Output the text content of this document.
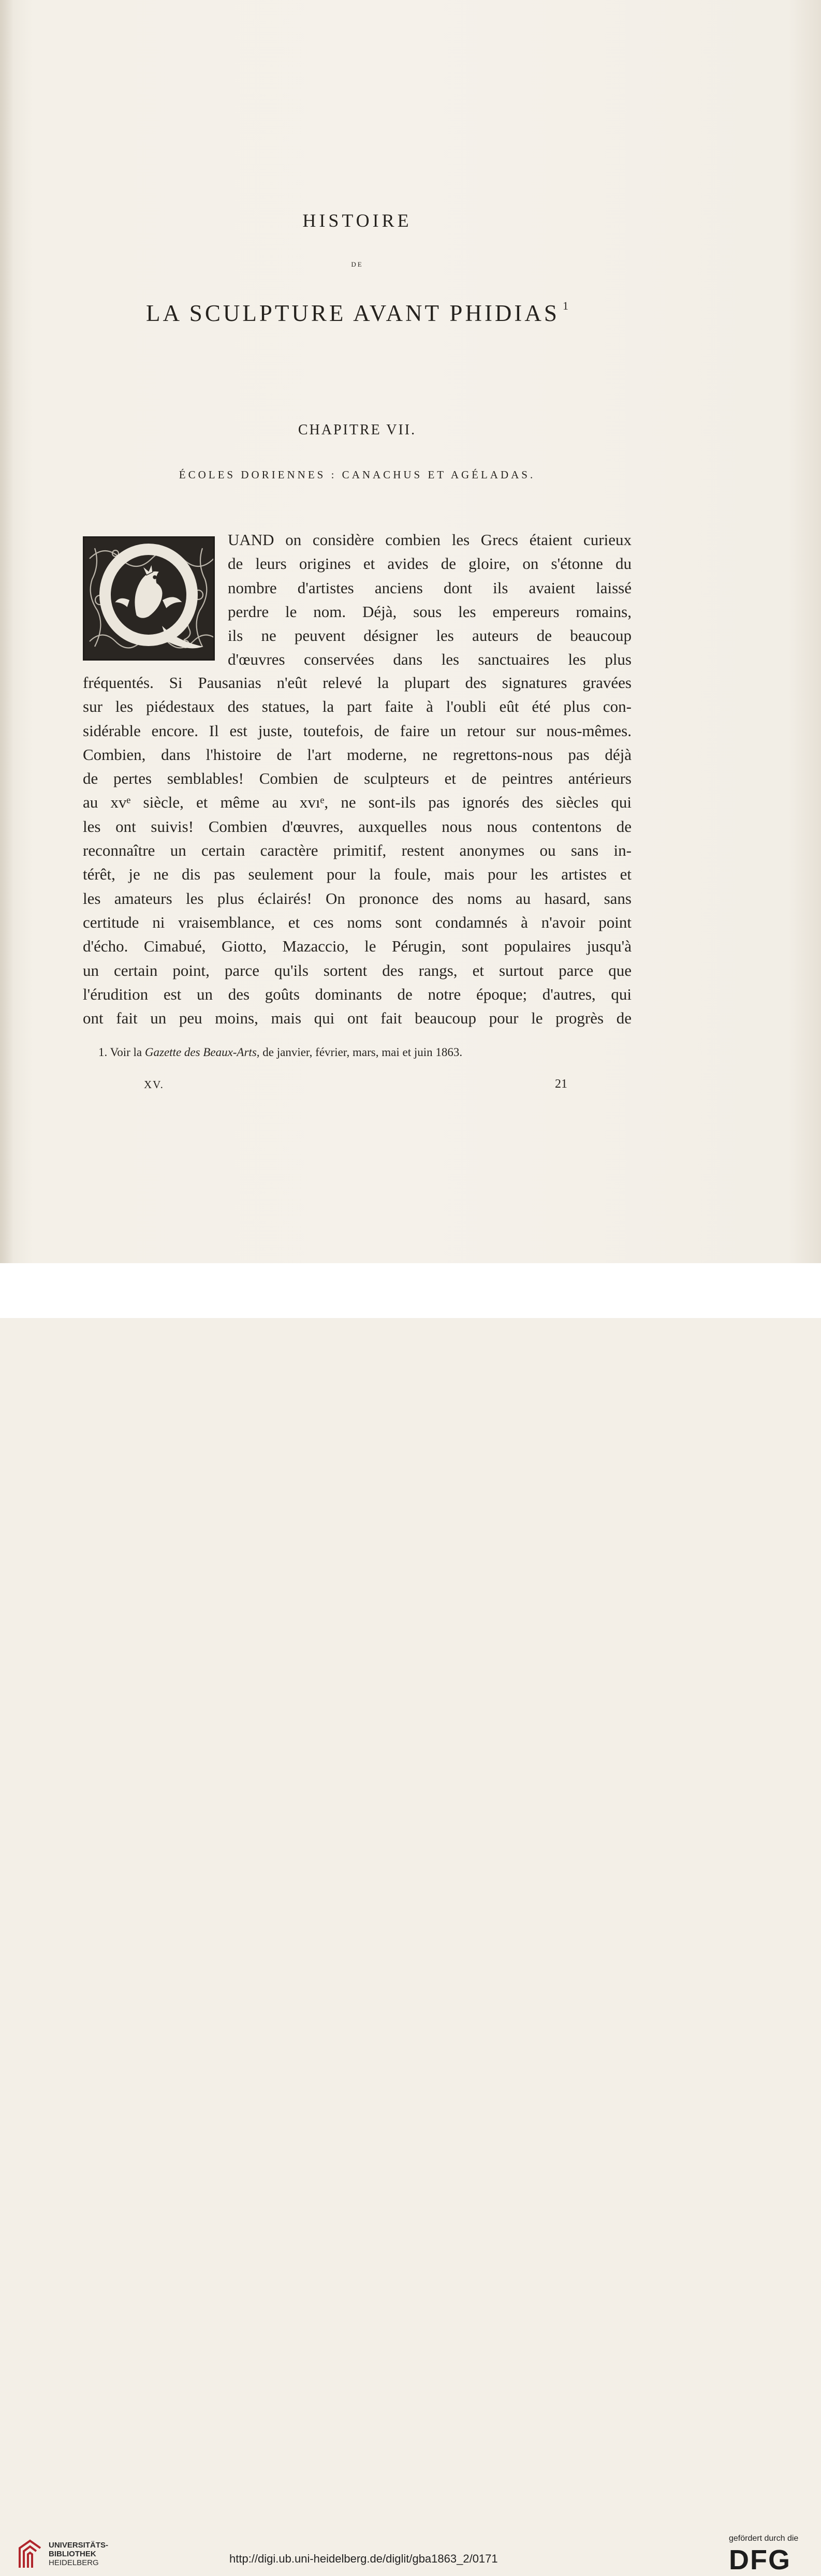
HISTOIRE
DE
LA SCULPTURE AVANT PHIDIAS $^1$
CHAPITRE VII.
ÉCOLES DORIENNES : CANACHUS ET AGÉLADAS.
UAND on considère combien les Grecs étaient curieux
de leurs origines et avides de gloire, on s'étonne du
nombre d'artistes anciens dont ils avaient laissé
perdre le nom. Déjà, sous les empereurs romains,
ils ne peuvent désigner les auteurs de beaucoup
d'œuvres conservées dans les sanctuaires les plus
fréquentés. Si Pausanias n'eût relevé la plupart des signatures gravées
sur les piédestaux des statues, la part faite à l'oubli eût été plus con-
sidérable encore. Il est juste, toutefois, de faire un retour sur nous-mêmes.
Combien, dans l'histoire de l'art moderne, ne regrettons-nous pas déjà
de pertes semblables! Combien de sculpteurs et de peintres antérieurs
au xvᵉ siècle, et même au xvıᵉ, ne sont-ils pas ignorés des siècles qui
les ont suivis! Combien d'œuvres, auxquelles nous nous contentons de
reconnaître un certain caractère primitif, restent anonymes ou sans in-
térêt, je ne dis pas seulement pour la foule, mais pour les artistes et
les amateurs les plus éclairés! On prononce des noms au hasard, sans
certitude ni vraisemblance, et ces noms sont condamnés à n'avoir point
d'écho. Cimabué, Giotto, Mazaccio, le Pérugin, sont populaires jusqu'à
un certain point, parce qu'ils sortent des rangs, et surtout parce que
l'érudition est un des goûts dominants de notre époque; d'autres, qui
ont fait un peu moins, mais qui ont fait beaucoup pour le progrès de
1. Voir la Gazette des Beaux-Arts, de janvier, février, mars, mai et juin 1863.
XV.	21
UNIVERSITÄTS-
BIBLIOTHEK
HEIDELBERG	http://digi.ub.uni-heidelberg.de/diglit/gba1863_2/0171
gefördert durch die
DFG
